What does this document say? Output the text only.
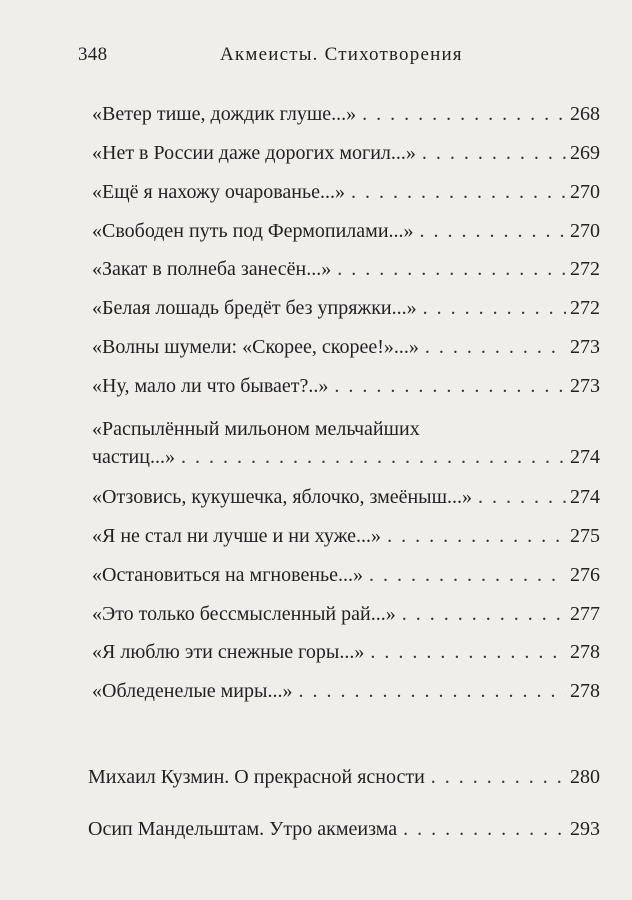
348	Акмеисты. Стихотворения
«Ветер тише, дождик глуше...» . . .	268
«Нет в России даже дорогих могил...» . . .	269
«Ещё я нахожу очарованье...» . . .	270
«Свободен путь под Фермопилами...» . . .	270
«Закат в полнеба занесён...» . . .	272
«Белая лошадь бредёт без упряжки...» . . .	272
«Волны шумели: «Скорее, скорее!»...» . . .	273
«Ну, мало ли что бывает?..» . . .	273
«Распылённый мильоном мельчайших
частиц...» . . .	274
«Отзовись, кукушечка, яблочко, змеёныш...» . . .	274
«Я не стал ни лучше и ни хуже...» . . .	275
«Остановиться на мгновенье...» . . .	276
«Это только бессмысленный рай...» . . .	277
«Я люблю эти снежные горы...» . . .	278
«Обледенелые миры...» . . .	278
Михаил Кузмин. О прекрасной ясности . . .	280
Осип Мандельштам. Утро акмеизма . . .	293
